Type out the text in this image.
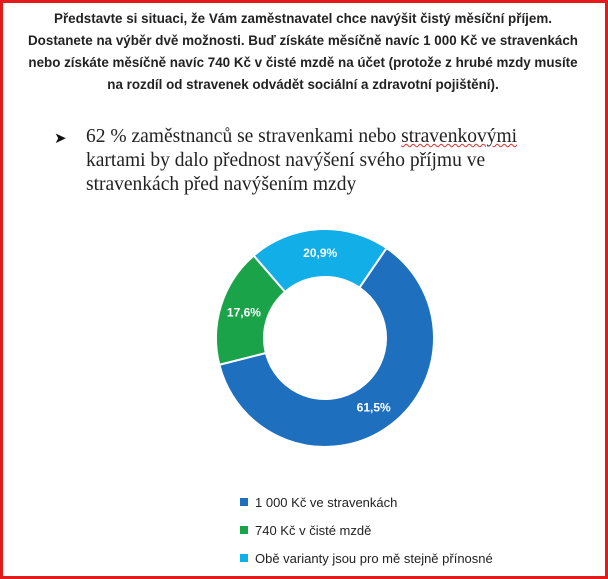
Představte si situaci, že Vám zaměstnavatel chce navýšit čistý měsíční příjem.
Dostanete na výběr dvě možnosti. Buď získáte měsíčně navíc 1 000 Kč ve stravenkách
nebo získáte měsíčně navíc 740 Kč v čisté mzdě na účet (protože z hrubé mzdy musíte
na rozdíl od stravenek odvádět sociální a zdravotní pojištění).
➤ 62 % zaměstnanců se stravenkami nebo stravenkovými
kartami by dalo přednost navýšení svého příjmu ve
stravenkách před navýšením mzdy
61,5%
17,6%
20,9%
1 000 Kč ve stravenkách
740 Kč v čisté mzdě
Obě varianty jsou pro mě stejně přínosné
